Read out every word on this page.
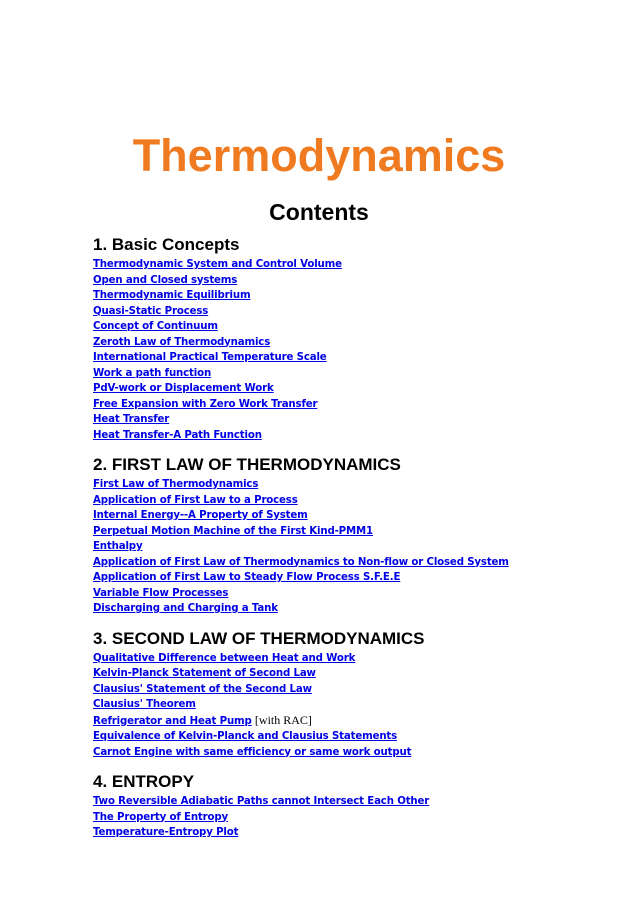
Thermodynamics
Contents
1. Basic Concepts
Thermodynamic System and Control Volume
Open and Closed systems
Thermodynamic Equilibrium
Quasi-Static Process
Concept of Continuum
Zeroth Law of Thermodynamics
International Practical Temperature Scale
Work a path function
PdV-work or Displacement Work
Free Expansion with Zero Work Transfer
Heat Transfer
Heat Transfer-A Path Function
2. FIRST LAW OF THERMODYNAMICS
First Law of Thermodynamics
Application of First Law to a Process
Internal Energy--A Property of System
Perpetual Motion Machine of the First Kind-PMM1
Enthalpy
Application of First Law of Thermodynamics to Non-flow or Closed System
Application of First Law to Steady Flow Process S.F.E.E
Variable Flow Processes
Discharging and Charging a Tank
3. SECOND LAW OF THERMODYNAMICS
Qualitative Difference between Heat and Work
Kelvin-Planck Statement of Second Law
Clausius' Statement of the Second Law
Clausius' Theorem
Refrigerator and Heat Pump [with RAC]
Equivalence of Kelvin-Planck and Clausius Statements
Carnot Engine with same efficiency or same work output
4. ENTROPY
Two Reversible Adiabatic Paths cannot Intersect Each Other
The Property of Entropy
Temperature-Entropy Plot
